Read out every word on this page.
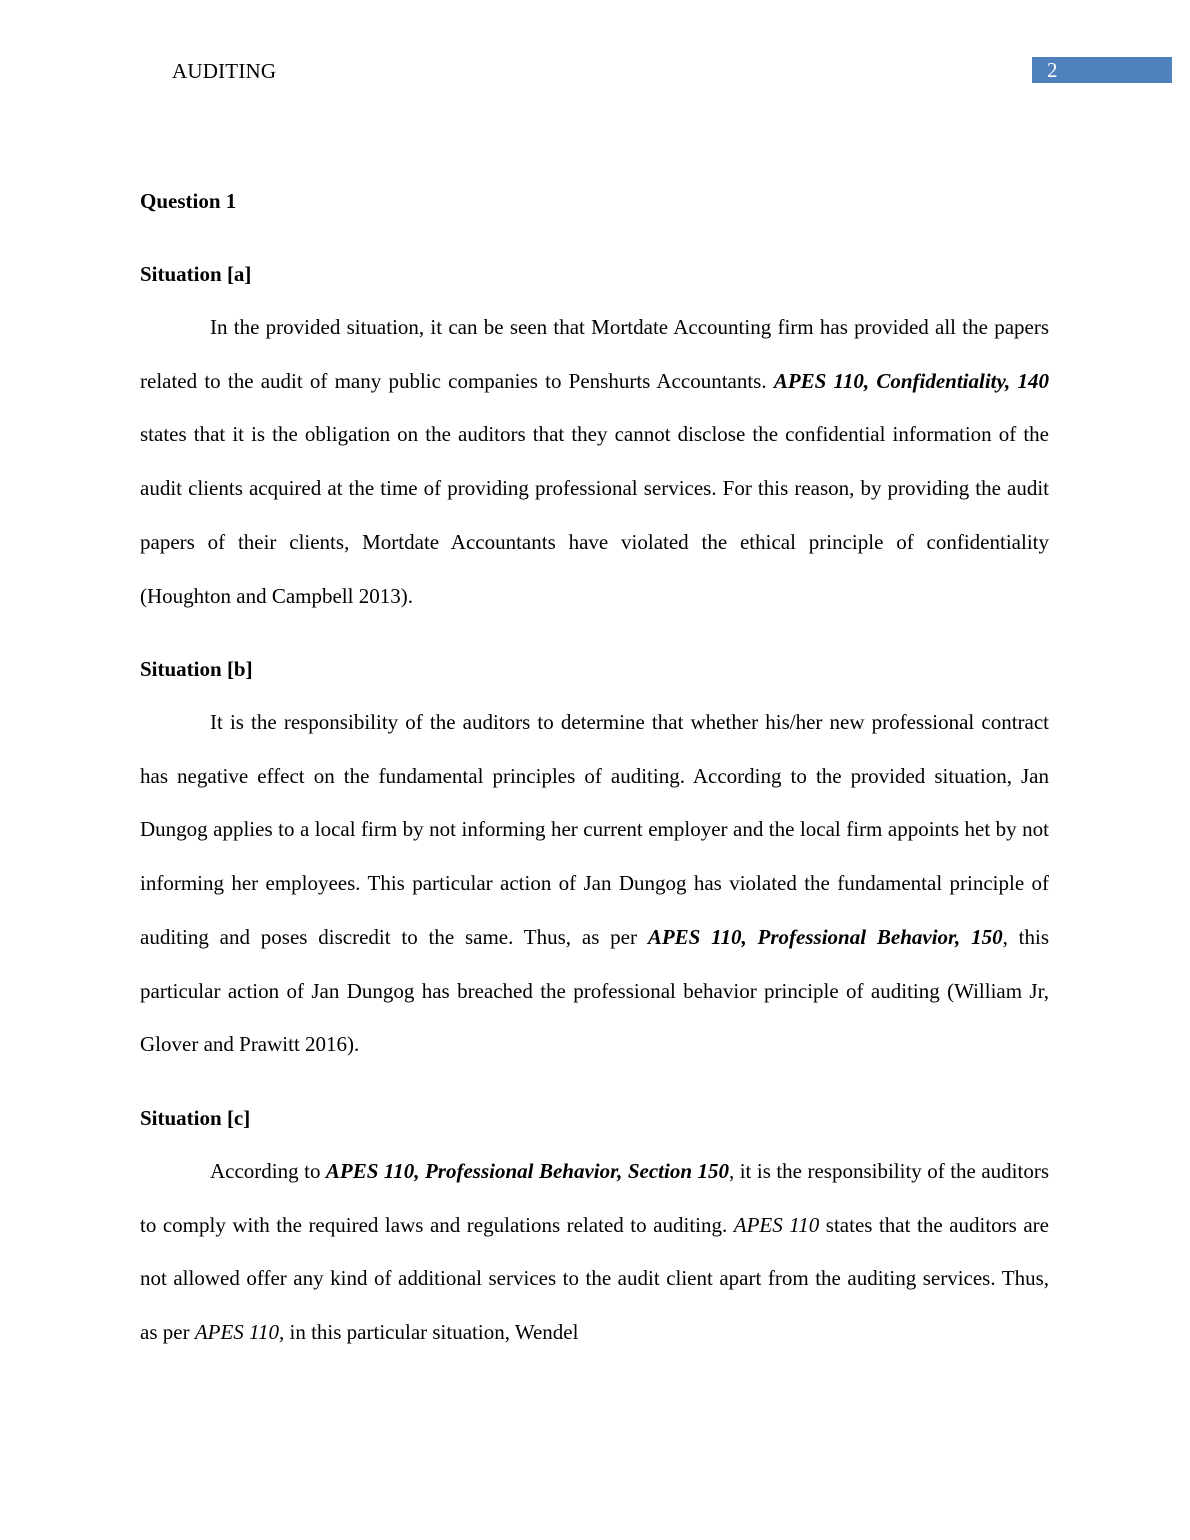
AUDITING	2
Question 1
Situation [a]

In the provided situation, it can be seen that Mortdate Accounting firm has provided all the papers related to the audit of many public companies to Penshurts Accountants. APES 110, Confidentiality, 140 states that it is the obligation on the auditors that they cannot disclose the confidential information of the audit clients acquired at the time of providing professional services. For this reason, by providing the audit papers of their clients, Mortdate Accountants have violated the ethical principle of confidentiality (Houghton and Campbell 2013).

Situation [b]

It is the responsibility of the auditors to determine that whether his/her new professional contract has negative effect on the fundamental principles of auditing. According to the provided situation, Jan Dungog applies to a local firm by not informing her current employer and the local firm appoints het by not informing her employees. This particular action of Jan Dungog has violated the fundamental principle of auditing and poses discredit to the same. Thus, as per APES 110, Professional Behavior, 150, this particular action of Jan Dungog has breached the professional behavior principle of auditing (William Jr, Glover and Prawitt 2016).

Situation [c]

According to APES 110, Professional Behavior, Section 150, it is the responsibility of the auditors to comply with the required laws and regulations related to auditing. APES 110 states that the auditors are not allowed offer any kind of additional services to the audit client apart from the auditing services. Thus, as per APES 110, in this particular situation, Wendel
